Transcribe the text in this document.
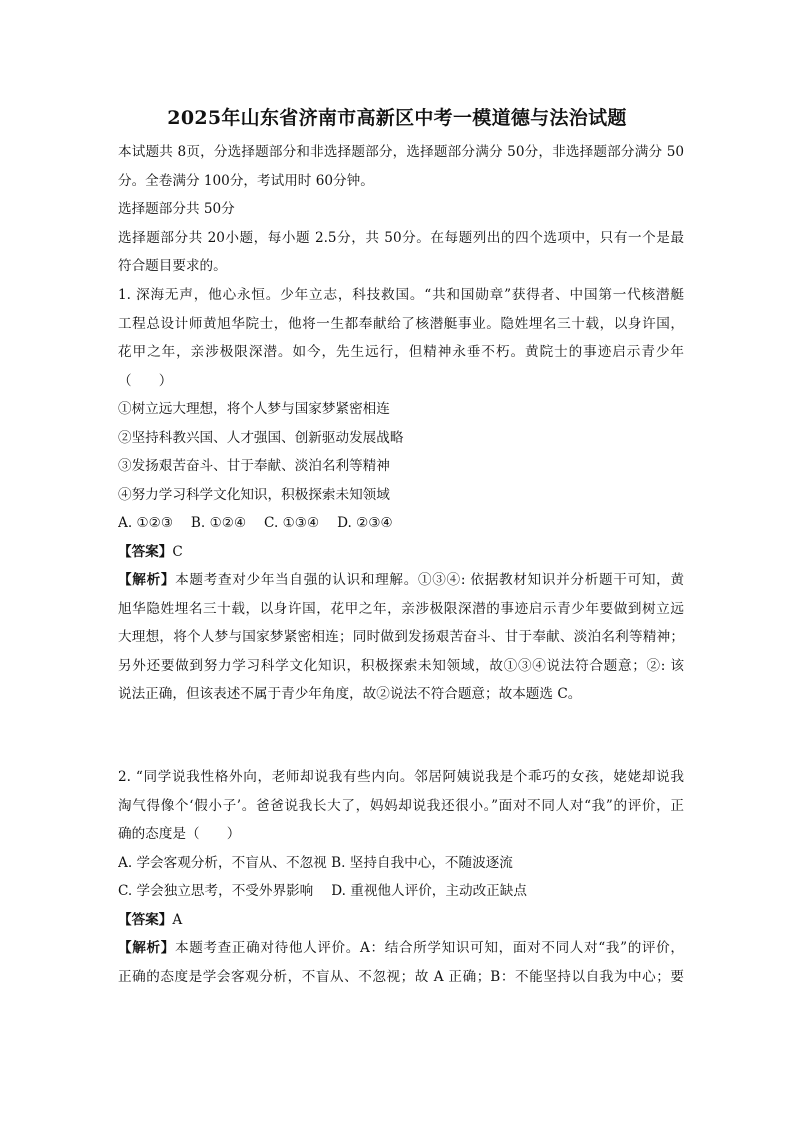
2025年山东省济南市高新区中考一模道德与法治试题
本试题共 8页，分选择题部分和非选择题部分，选择题部分满分 50分，非选择题部分满分 50
分。全卷满分 100分，考试用时 60分钟。
选择题部分共 50分
选择题部分共 20小题，每小题 2.5分，共 50分。在每题列出的四个选项中，只有一个是最
符合题目要求的。
1. 深海无声，他心永恒。少年立志，科技救国。“共和国勋章”获得者、中国第一代核潜艇
工程总设计师黄旭华院士，他将一生都奉献给了核潜艇事业。隐姓埋名三十载，以身许国，
花甲之年，亲涉极限深潜。如今，先生远行，但精神永垂不朽。黄院士的事迹启示青少年
（　　）
①树立远大理想，将个人梦与国家梦紧密相连
②坚持科教兴国、人才强国、创新驱动发展战略
③发扬艰苦奋斗、甘于奉献、淡泊名利等精神
④努力学习科学文化知识，积极探索未知领域
A. ①②③　 B. ①②④　 C. ①③④　 D. ②③④
【答案】C
【解析】本题考查对少年当自强的认识和理解。①③④: 依据教材知识并分析题干可知，黄
旭华隐姓埋名三十载，以身许国，花甲之年，亲涉极限深潜的事迹启示青少年要做到树立远
大理想，将个人梦与国家梦紧密相连；同时做到发扬艰苦奋斗、甘于奉献、淡泊名利等精神；
另外还要做到努力学习科学文化知识，积极探索未知领域，故①③④说法符合题意；②: 该
说法正确，但该表述不属于青少年角度，故②说法不符合题意；故本题选 C。
2. “同学说我性格外向，老师却说我有些内向。邻居阿姨说我是个乖巧的女孩，姥姥却说我
淘气得像个‘假小子’。爸爸说我长大了，妈妈却说我还很小。”面对不同人对“我”的评价，正
确的态度是（　　）
A. 学会客观分析，不盲从、不忽视 B. 坚持自我中心，不随波逐流
C. 学会独立思考，不受外界影响　 D. 重视他人评价，主动改正缺点
【答案】A
【解析】本题考查正确对待他人评价。A：结合所学知识可知，面对不同人对“我”的评价，
正确的态度是学会客观分析，不盲从、不忽视；故 A 正确；B：不能坚持以自我为中心；要
